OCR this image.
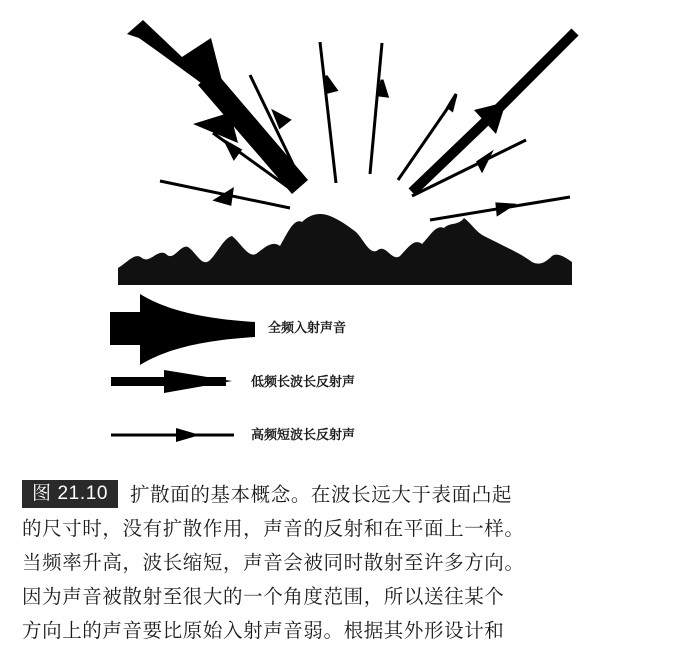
全频入射声音
低频长波长反射声
高频短波长反射声
图 21.10 扩散面的基本概念。在波长远大于表面凸起
的尺寸时，没有扩散作用，声音的反射和在平面上一样。
当频率升高，波长缩短，声音会被同时散射至许多方向。
因为声音被散射至很大的一个角度范围，所以送往某个
方向上的声音要比原始入射声音弱。根据其外形设计和
